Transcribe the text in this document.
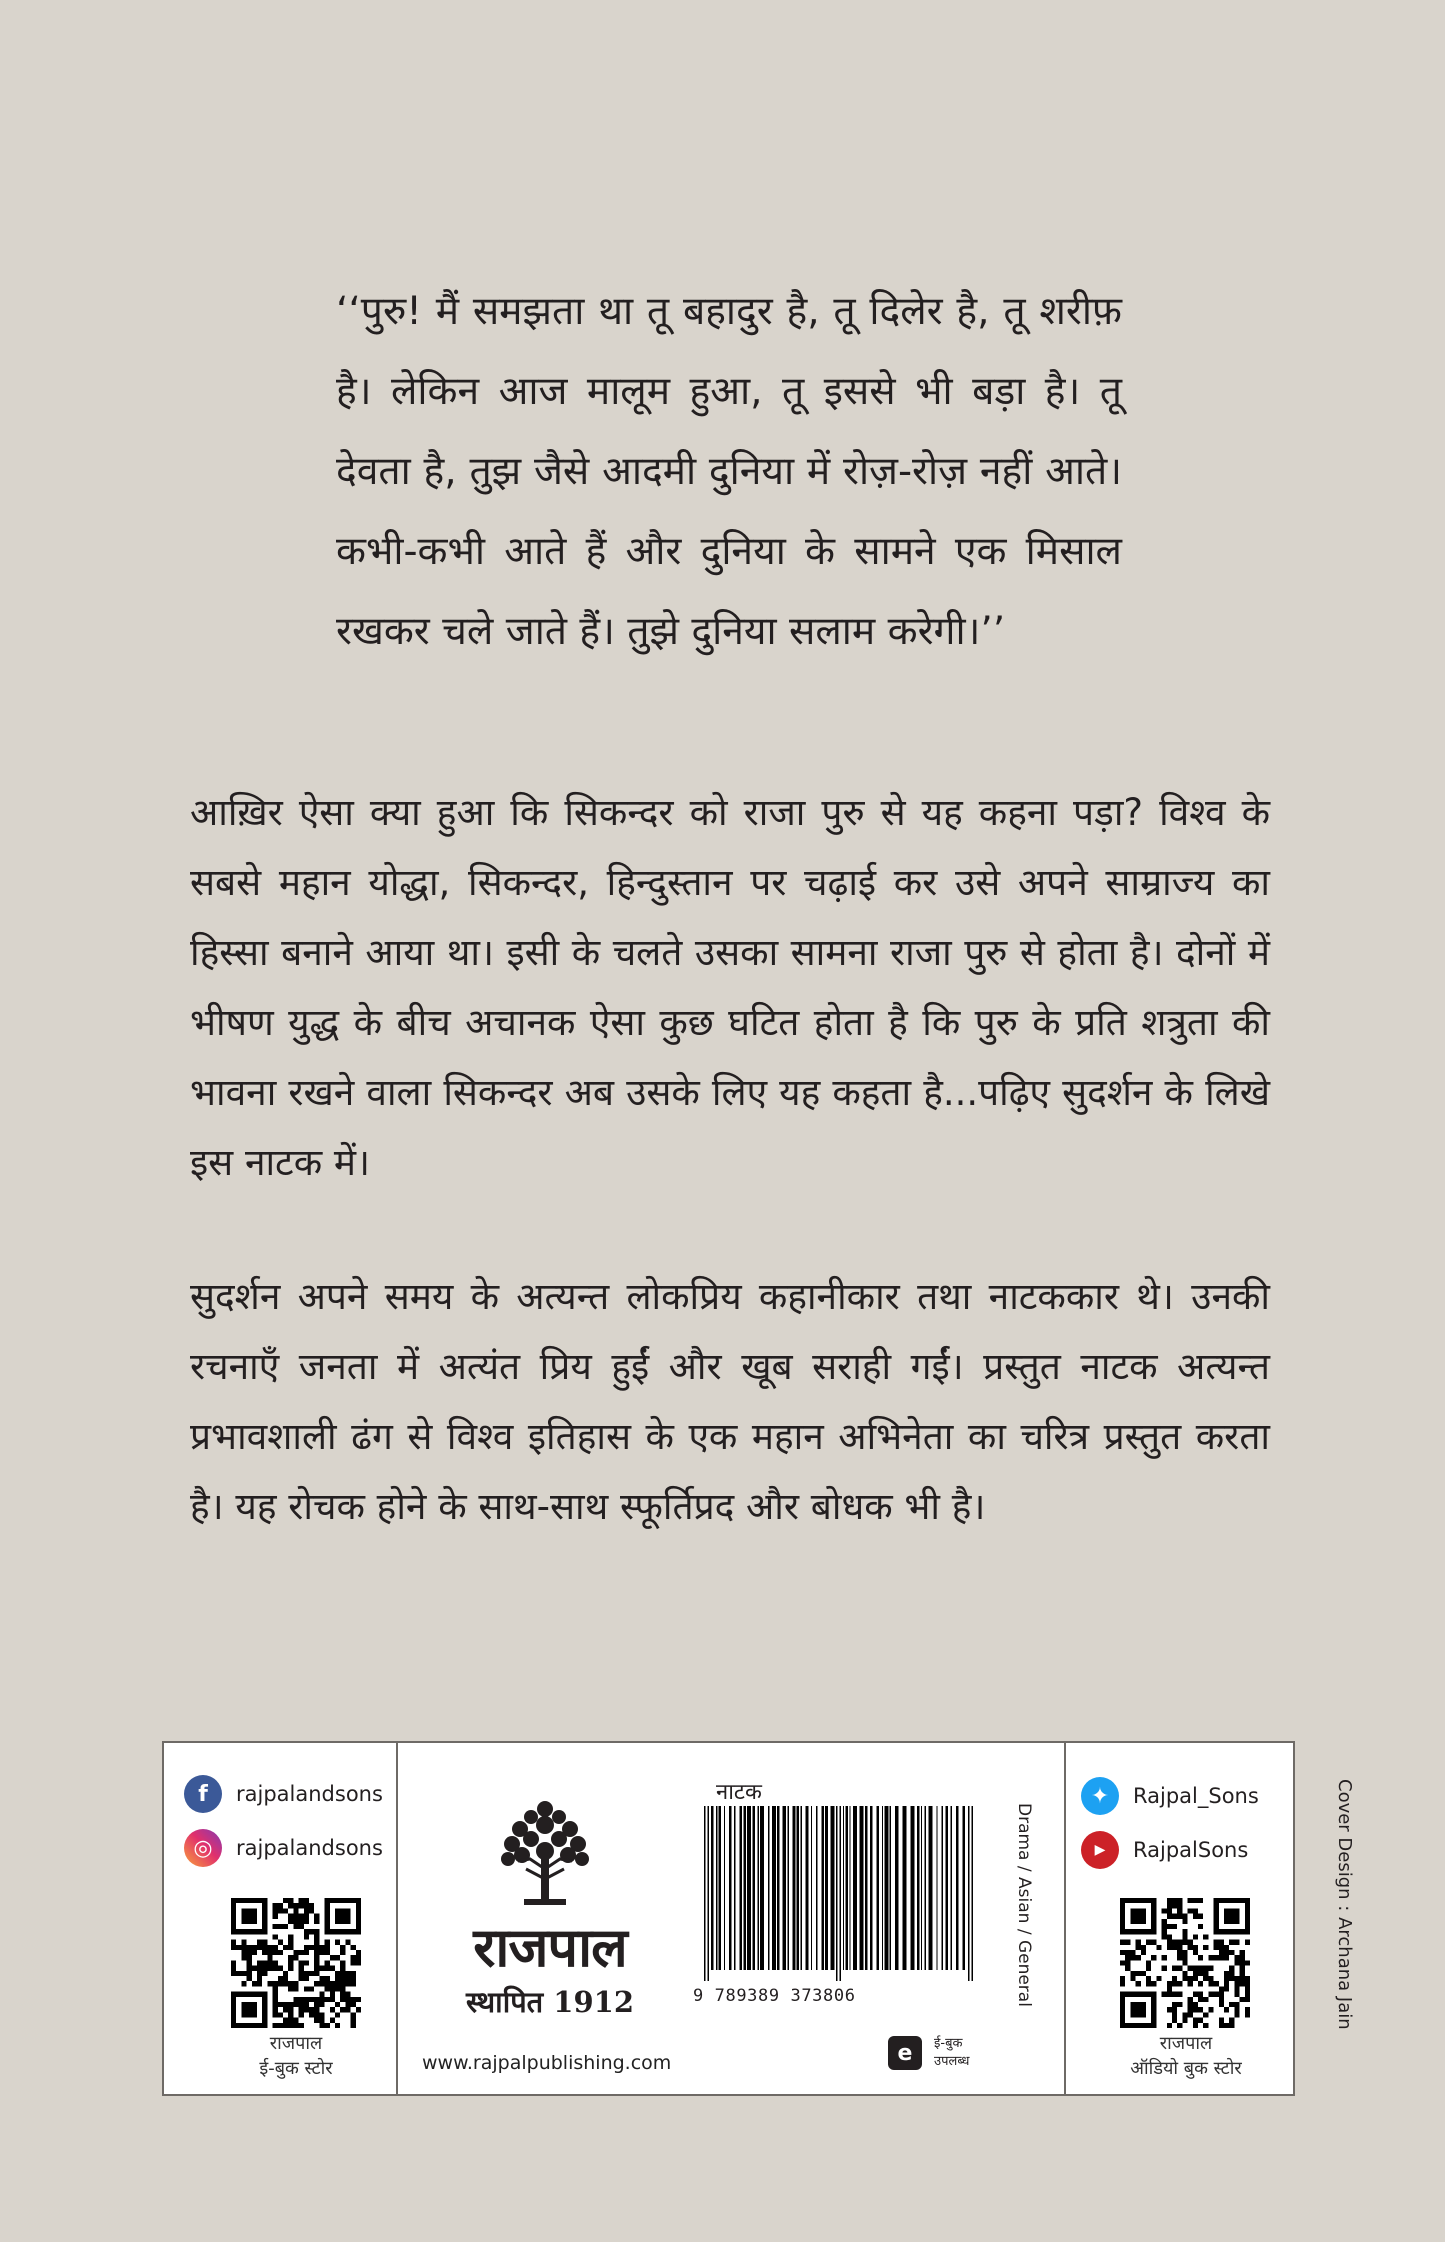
‘‘पुरु! मैं समझता था तू बहादुर है, तू दिलेर है, तू शरीफ़ है। लेकिन आज मालूम हुआ, तू इससे भी बड़ा है। तू देवता है, तुझ जैसे आदमी दुनिया में रोज़-रोज़ नहीं आते। कभी-कभी आते हैं और दुनिया के सामने एक मिसाल रखकर चले जाते हैं। तुझे दुनिया सलाम करेगी।’’
आख़िर ऐसा क्या हुआ कि सिकन्दर को राजा पुरु से यह कहना पड़ा? विश्व के सबसे महान योद्धा, सिकन्दर, हिन्दुस्तान पर चढ़ाई कर उसे अपने साम्राज्य का हिस्सा बनाने आया था। इसी के चलते उसका सामना राजा पुरु से होता है। दोनों में भीषण युद्ध के बीच अचानक ऐसा कुछ घटित होता है कि पुरु के प्रति शत्रुता की भावना रखने वाला सिकन्दर अब उसके लिए यह कहता है...पढ़िए सुदर्शन के लिखे इस नाटक में।
सुदर्शन अपने समय के अत्यन्त लोकप्रिय कहानीकार तथा नाटककार थे। उनकी रचनाएँ जनता में अत्यंत प्रिय हुईं और खूब सराही गईं। प्रस्तुत नाटक अत्यन्त प्रभावशाली ढंग से विश्व इतिहास के एक महान अभिनेता का चरित्र प्रस्तुत करता है। यह रोचक होने के साथ-साथ स्फूर्तिप्रद और बोधक भी है।
f	rajpalandsons
◎	rajpalandsons
राजपाल
ई-बुक स्टोर
राजपाल
स्थापित 1912
www.rajpalpublishing.com
नाटक
9 789389 373806	Drama / Asian / General
e	ई-बुक
उपलब्ध
✦	Rajpal_Sons
▶	RajpalSons
राजपाल
ऑडियो बुक स्टोर
Cover Design : Archana Jain
